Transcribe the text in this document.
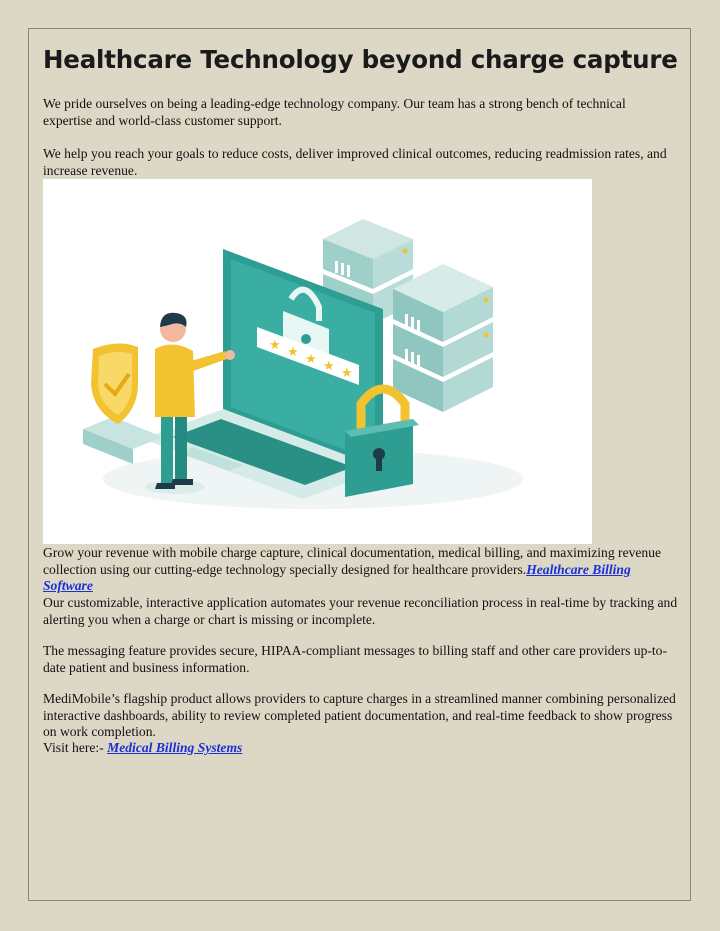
Healthcare Technology beyond charge capture

We pride ourselves on being a leading-edge technology company. Our team has a strong bench of technical expertise and world-class customer support.

We help you reach your goals to reduce costs, deliver improved clinical outcomes, reducing readmission rates, and increase revenue.

★ ★ ★ ★ ★

Grow your revenue with mobile charge capture, clinical documentation, medical billing, and maximizing revenue collection using our cutting-edge technology specially designed for healthcare providers.Healthcare Billing Software

Our customizable, interactive application automates your revenue reconciliation process in real-time by tracking and alerting you when a charge or chart is missing or incomplete.

The messaging feature provides secure, HIPAA-compliant messages to billing staff and other care providers up-to-date patient and business information.

MediMobile’s flagship product allows providers to capture charges in a streamlined manner combining personalized interactive dashboards, ability to review completed patient documentation, and real-time feedback to show progress on work completion.

Visit here:- Medical Billing Systems
